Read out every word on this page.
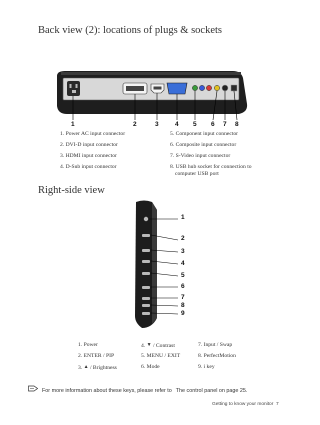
Back view (2): locations of plugs & sockets
1	2	3	4 5 6 7 8
1. Power AC input connector
2. DVI-D input connector
3. HDMI input connector
4. D-Sub input connector
5. Component input connector
6. Composite input connector
7. S-Video input connector
8. USB hub socket for connection to
computer USB port
Right-side view
1
2
3
4
5
6
7
8
9
1. Power
2. ENTER / PIP
3. ▲ / Brightness
4. ▼ / Contrast
5. MENU / EXIT
6. Mode
7. Input / Swap
8. PerfectMotion
9. i key
For more information about these keys, please refer to The control panel on page 25.
Getting to know your monitor 7
